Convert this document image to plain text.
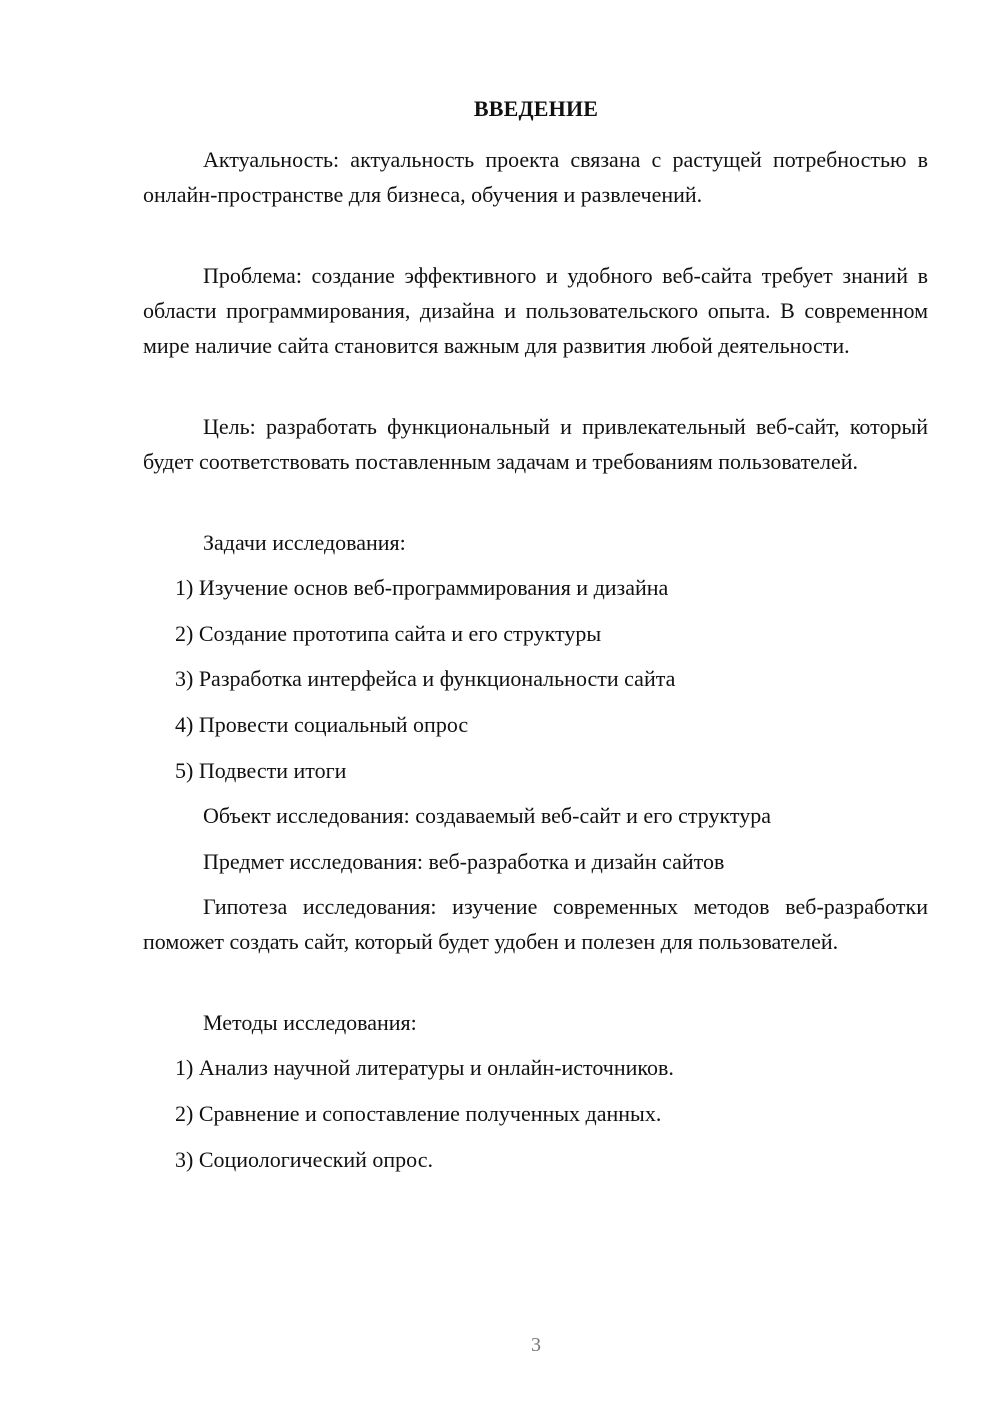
ВВЕДЕНИЕ

Актуальность: актуальность проекта связана с растущей потребностью в онлайн-пространстве для бизнеса, обучения и развлечений.

Проблема: создание эффективного и удобного веб-сайта требует знаний в области программирования, дизайна и пользовательского опыта. В современном мире наличие сайта становится важным для развития любой деятельности.

Цель: разработать функциональный и привлекательный веб-сайт, который будет соответствовать поставленным задачам и требованиям пользователей.

Задачи исследования:
1) Изучение основ веб-программирования и дизайна
2) Создание прототипа сайта и его структуры
3) Разработка интерфейса и функциональности сайта
4) Провести социальный опрос
5) Подвести итоги
Объект исследования: создаваемый веб-сайт и его структура
Предмет исследования: веб-разработка и дизайн сайтов

Гипотеза исследования: изучение современных методов веб-разработки поможет создать сайт, который будет удобен и полезен для пользователей.

Методы исследования:
1) Анализ научной литературы и онлайн-источников.
2) Сравнение и сопоставление полученных данных.
3) Социологический опрос.
3
